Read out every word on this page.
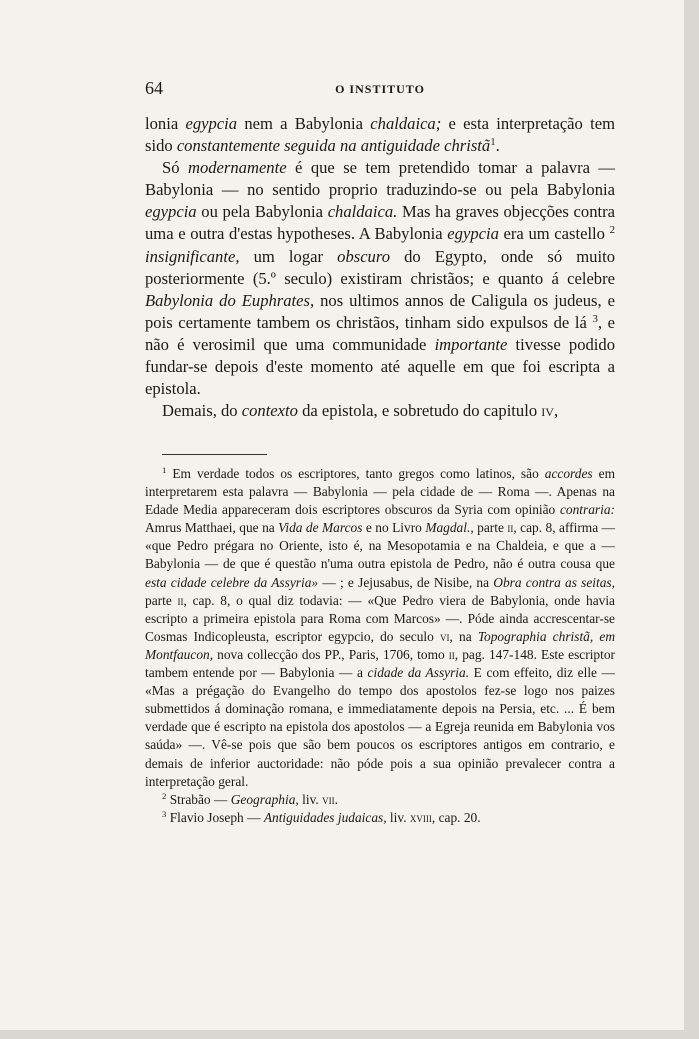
64	O INSTITUTO

lonia egypcia nem a Babylonia chaldaica; e esta interpretação tem sido constantemente seguida na antiguidade christã$^1$.

Só modernamente é que se tem pretendido tomar a palavra — Babylonia — no sentido proprio traduzindo-se ou pela Babylonia egypcia ou pela Babylonia chaldaica. Mas ha graves objecções contra uma e outra d'estas hypotheses. A Babylonia egypcia era um castello $^2$ insignificante, um logar obscuro do Egypto, onde só muito posteriormente (5.º seculo) existiram christãos; e quanto á celebre Babylonia do Euphrates, nos ultimos annos de Caligula os judeus, e pois certamente tambem os christãos, tinham sido expulsos de lá $^3$, e não é verosimil que uma communidade importante tivesse podido fundar-se depois d'este momento até aquelle em que foi escripta a epistola.

Demais, do contexto da epistola, e sobretudo do capitulo iv,

$^1$ Em verdade todos os escriptores, tanto gregos como latinos, são accordes em interpretarem esta palavra — Babylonia — pela cidade de — Roma —. Apenas na Edade Media appareceram dois escriptores obscuros da Syria com opinião contraria: Amrus Matthaei, que na Vida de Marcos e no Livro Magdal., parte ii, cap. 8, affirma — «que Pedro prégara no Oriente, isto é, na Mesopotamia e na Chaldeia, e que a — Babylonia — de que é questão n'uma outra epistola de Pedro, não é outra cousa que esta cidade celebre da Assyria» — ; e Jejusabus, de Nisibe, na Obra contra as seitas, parte ii, cap. 8, o qual diz todavia: — «Que Pedro viera de Babylonia, onde havia escripto a primeira epistola para Roma com Marcos» —. Póde ainda accrescentar-se Cosmas Indicopleusta, escriptor egypcio, do seculo vi, na Topographia christã, em Montfaucon, nova collecção dos PP., Paris, 1706, tomo ii, pag. 147-148. Este escriptor tambem entende por — Babylonia — a cidade da Assyria. E com effeito, diz elle — «Mas a prégação do Evangelho do tempo dos apostolos fez-se logo nos paizes submettidos á dominação romana, e immediatamente depois na Persia, etc. ... É bem verdade que é escripto na epistola dos apostolos — a Egreja reunida em Babylonia vos saúda» —. Vê-se pois que são bem poucos os escriptores antigos em contrario, e demais de inferior auctoridade: não póde pois a sua opinião prevalecer contra a interpretação geral.

$^2$ Strabão — Geographia, liv. vii.

$^3$ Flavio Joseph — Antiguidades judaicas, liv. xviii, cap. 20.
